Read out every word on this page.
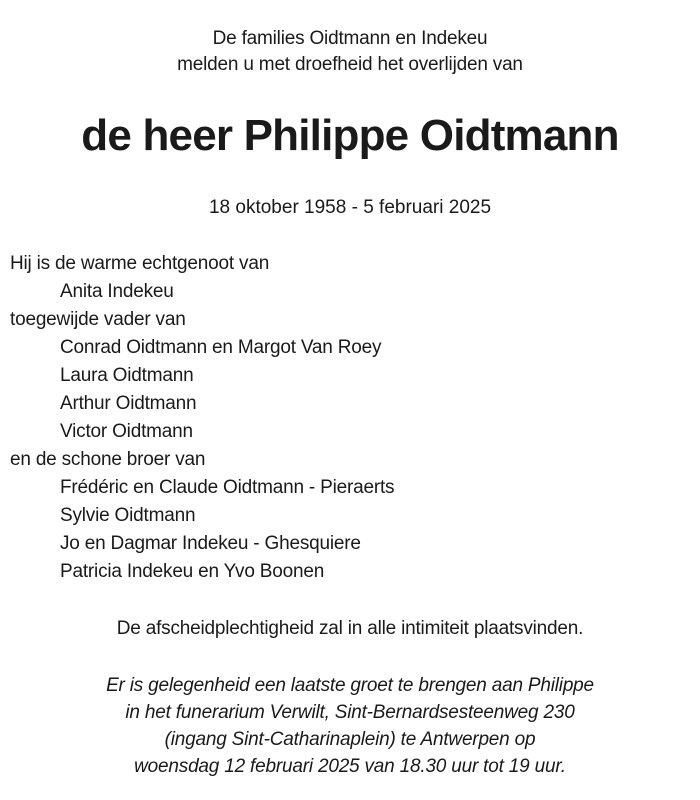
De families Oidtmann en Indekeu
melden u met droefheid het overlijden van
de heer Philippe Oidtmann
18 oktober 1958 - 5 februari 2025
Hij is de warme echtgenoot van
Anita Indekeu
toegewijde vader van
Conrad Oidtmann en Margot Van Roey
Laura Oidtmann
Arthur Oidtmann
Victor Oidtmann
en de schone broer van
Frédéric en Claude Oidtmann - Pieraerts
Sylvie Oidtmann
Jo en Dagmar Indekeu - Ghesquiere
Patricia Indekeu en Yvo Boonen
De afscheidplechtigheid zal in alle intimiteit plaatsvinden.
Er is gelegenheid een laatste groet te brengen aan Philippe
in het funerarium Verwilt, Sint-Bernardsesteenweg 230
(ingang Sint-Catharinaplein) te Antwerpen op
woensdag 12 februari 2025 van 18.30 uur tot 19 uur.
